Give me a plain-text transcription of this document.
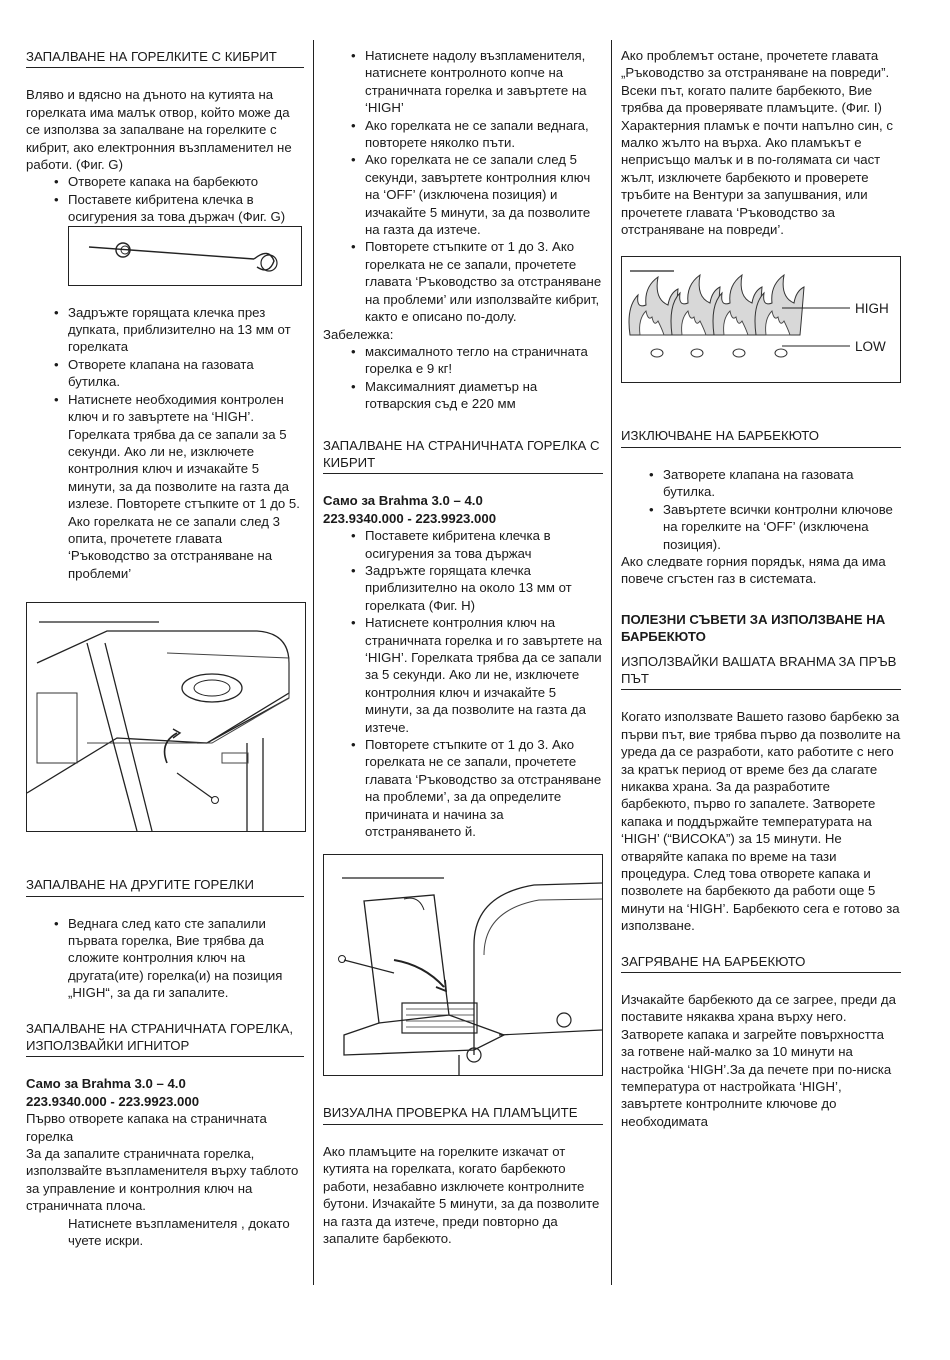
ЗАПАЛВАНЕ НА ГОРЕЛКИТЕ С КИБРИТ

Вляво и вдясно на дъното на кутията на горелката има малък отвор, който може да се използва за запалване на горелките с кибрит, ако електронния възпламенител не работи. (Фиг. G)

• Отворете капака на барбекюто
• Поставете кибритена клечка в осигурения за това държач (Фиг. G)
• Задръжте горящата клечка през дупката, приблизително на 13 мм от горелката
• Отворете клапана на газовата бутилка.
• Натиснете необходимия контролен ключ и го завъртете на ‘HIGH’. Горелката трябва да се запали за 5 секунди. Ако ли не, изключете контролния ключ и изчакайте 5 минути, за да позволите на газта да излезе. Повторете стъпките от 1 до 5. Ако горелката не се запали след 3 опита, прочетете главата ‘Ръководство за отстраняване на проблеми’
ЗАПАЛВАНЕ НА ДРУГИТЕ ГОРЕЛКИ
• Веднага след като сте запалили първата горелка, Вие трябва да сложите контролния ключ на другата(ите) горелка(и) на позиция „HIGH“, за да ги запалите.
ЗАПАЛВАНЕ НА СТРАНИЧНАТА ГОРЕЛКА, ИЗПОЛЗВАЙКИ ИГНИТОР

Само за Brahma 3.0 – 4.0

223.9340.000 - 223.9923.000

Първо отворете капака на страничната горелка

За да запалите страничната горелка, използвайте възпламенителя върху таблото за управление и контролния ключ на страничната плоча.

Натиснете възпламенителя , докато чуете искри.

• Натиснете надолу възпламенителя, натиснете контролното копче на страничната горелка и завъртете на ‘HIGH’
• Ако горелката не се запали веднага, повторете няколко пъти.
• Ако горелката не се запали след 5 секунди, завъртете контролния ключ на ‘OFF’ (изключена позиция) и изчакайте 5 минути, за да позволите на газта да изтече.
• Повторете стъпките от 1 до 3. Ако горелката не се запали, прочетете главата ‘Ръководство за отстраняване на проблеми’ или използвайте кибрит, както е описано по-долу.

Забележка:

• максималното тегло на страничната горелка е 9 кг!
• Максималният диаметър на готварския съд е 220 мм
ЗАПАЛВАНЕ НА СТРАНИЧНАТА ГОРЕЛКА С КИБРИТ

Само за Brahma 3.0 – 4.0

223.9340.000 - 223.9923.000

• Поставете кибритена клечка в осигурения за това държач
• Задръжте горящата клечка приблизително на около 13 мм от горелката (Фиг. H)
• Натиснете контролния ключ на страничната горелка и го завъртете на ‘HIGH’. Горелката трябва да се запали за 5 секунди. Ако ли не, изключете контролния ключ и изчакайте 5 минути, за да позволите на газта да изтече.
• Повторете стъпките от 1 до 3. Ако горелката не се запали, прочетете главата ‘Ръководство за отстраняване на проблеми’, за да определите причината и начина за отстраняването й.
ВИЗУАЛНА ПРОВЕРКА НА ПЛАМЪЦИТЕ

Ако пламъците на горелките изкачат от кутията на горелката, когато барбекюто работи, незабавно изключете контролните бутони. Изчакайте 5 минути, за да позволите на газта да изтече, преди повторно да запалите барбекюто.

Ако проблемът остане, прочетете главата „Ръководство за отстраняване на повреди”.

Всеки път, когато палите барбекюто, Вие трябва да проверявате пламъците. (Фиг. I) Характерния пламък е почти напълно син, с малко жълто на върха. Ако пламъкът е неприсъщо малък и в по-голямата си част жълт, изключете барбекюто и проверете тръбите на Вентури за запушвания, или прочетете главата ‘Ръководство за отстраняване на повреди’.

HIGH
LOW
ИЗКЛЮЧВАНЕ НА БАРБЕКЮТО
• Затворете клапана на газовата бутилка.
• Завъртете всички контролни ключове на горелките на ‘OFF’ (изключена позиция).

Ако следвате горния порядък, няма да има повече сгъстен газ в системата.

ПОЛЕЗНИ СЪВЕТИ ЗА ИЗПОЛЗВАНЕ НА БАРБЕКЮТО

ИЗПОЛЗВАЙКИ ВАШАТА BRAHMA ЗА ПРЪВ ПЪТ

Когато използвате Вашето газово барбекю за първи път, вие трябва първо да позволите на уреда да се разработи, като работите с него за кратък период от време без да слагате никаква храна. За да разработите барбекюто, първо го запалете. Затворете капака и поддържайте температурата на ‘HIGH’ (“ВИСОКА”) за 15 минути. Не отваряйте капака по време на тази процедура. След това отворете капака и позволете на барбекюто да работи още 5 минути на ‘HIGH’. Барбекюто сега е готово за използване.

ЗАГРЯВАНЕ НА БАРБЕКЮТО

Изчакайте барбекюто да се загрее, преди да поставите някаква храна върху него. Затворете капака и загрейте повърхността за готвене най-малко за 10 минути на настройка ‘HIGH’.За да печете при по-ниска температура от настройката ‘HIGH’, завъртете контролните ключове до необходимата
